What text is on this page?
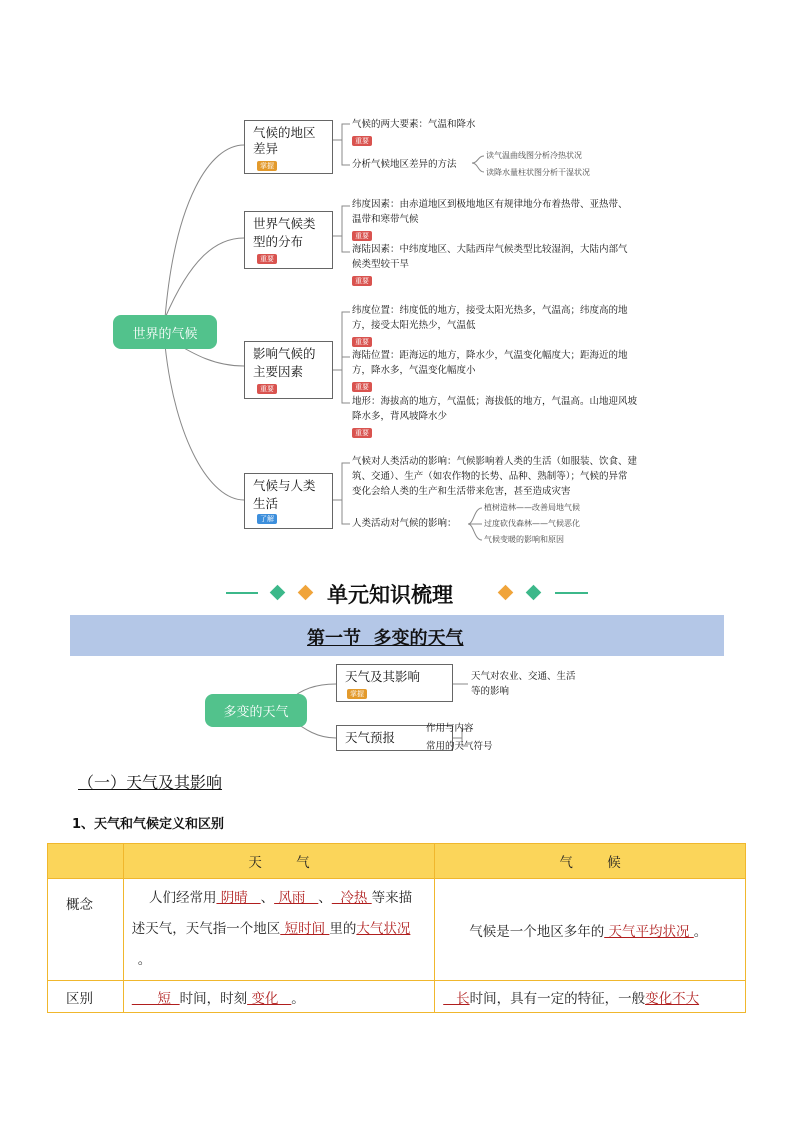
世界的气候
气候的地区
差异
掌握
世界气候类
型的分布
重要
影响气候的
主要因素
重要
气候与人类
生活
了解
气候的两大要素：气温和降水
重要
分析气候地区差异的方法
读气温曲线图分析冷热状况
读降水量柱状图分析干湿状况
纬度因素：由赤道地区到极地地区有规律地分布着热带、亚热带、
温带和寒带气候
重要
海陆因素：中纬度地区、大陆西岸气候类型比较湿润，大陆内部气
候类型较干旱
重要
纬度位置：纬度低的地方，接受太阳光热多，气温高；纬度高的地
方，接受太阳光热少，气温低
重要
海陆位置：距海远的地方，降水少，气温变化幅度大；距海近的地
方，降水多，气温变化幅度小
重要
地形：海拔高的地方，气温低；海拔低的地方，气温高。山地迎风坡
降水多，背风坡降水少
重要
气候对人类活动的影响：气候影响着人类的生活（如服装、饮食、建
筑、交通）、生产（如农作物的长势、品种、熟制等）；气候的异常
变化会给人类的生产和生活带来危害，甚至造成灾害
人类活动对气候的影响：
植树造林——改善局地气候
过度砍伐森林——气候恶化
气候变暖的影响和原因
单元知识梳理
第一节  多变的天气
多变的天气
天气及其影响
掌握
天气对农业、交通、生活
等的影响
天气预报
作用与内容
常用的天气符号
（一）天气及其影响
1、天气和气候定义和区别
	天        气	气        候
概念	人们经常用 阴晴   、 风雨   、  冷热 等来描
述天气，天气指一个地区 短时间 里的大气状况
。	气候是一个地区多年的 天气平均状况 。
区别	短  时间，时刻 变化   。	长时间，具有一定的特征，一般变化不大
